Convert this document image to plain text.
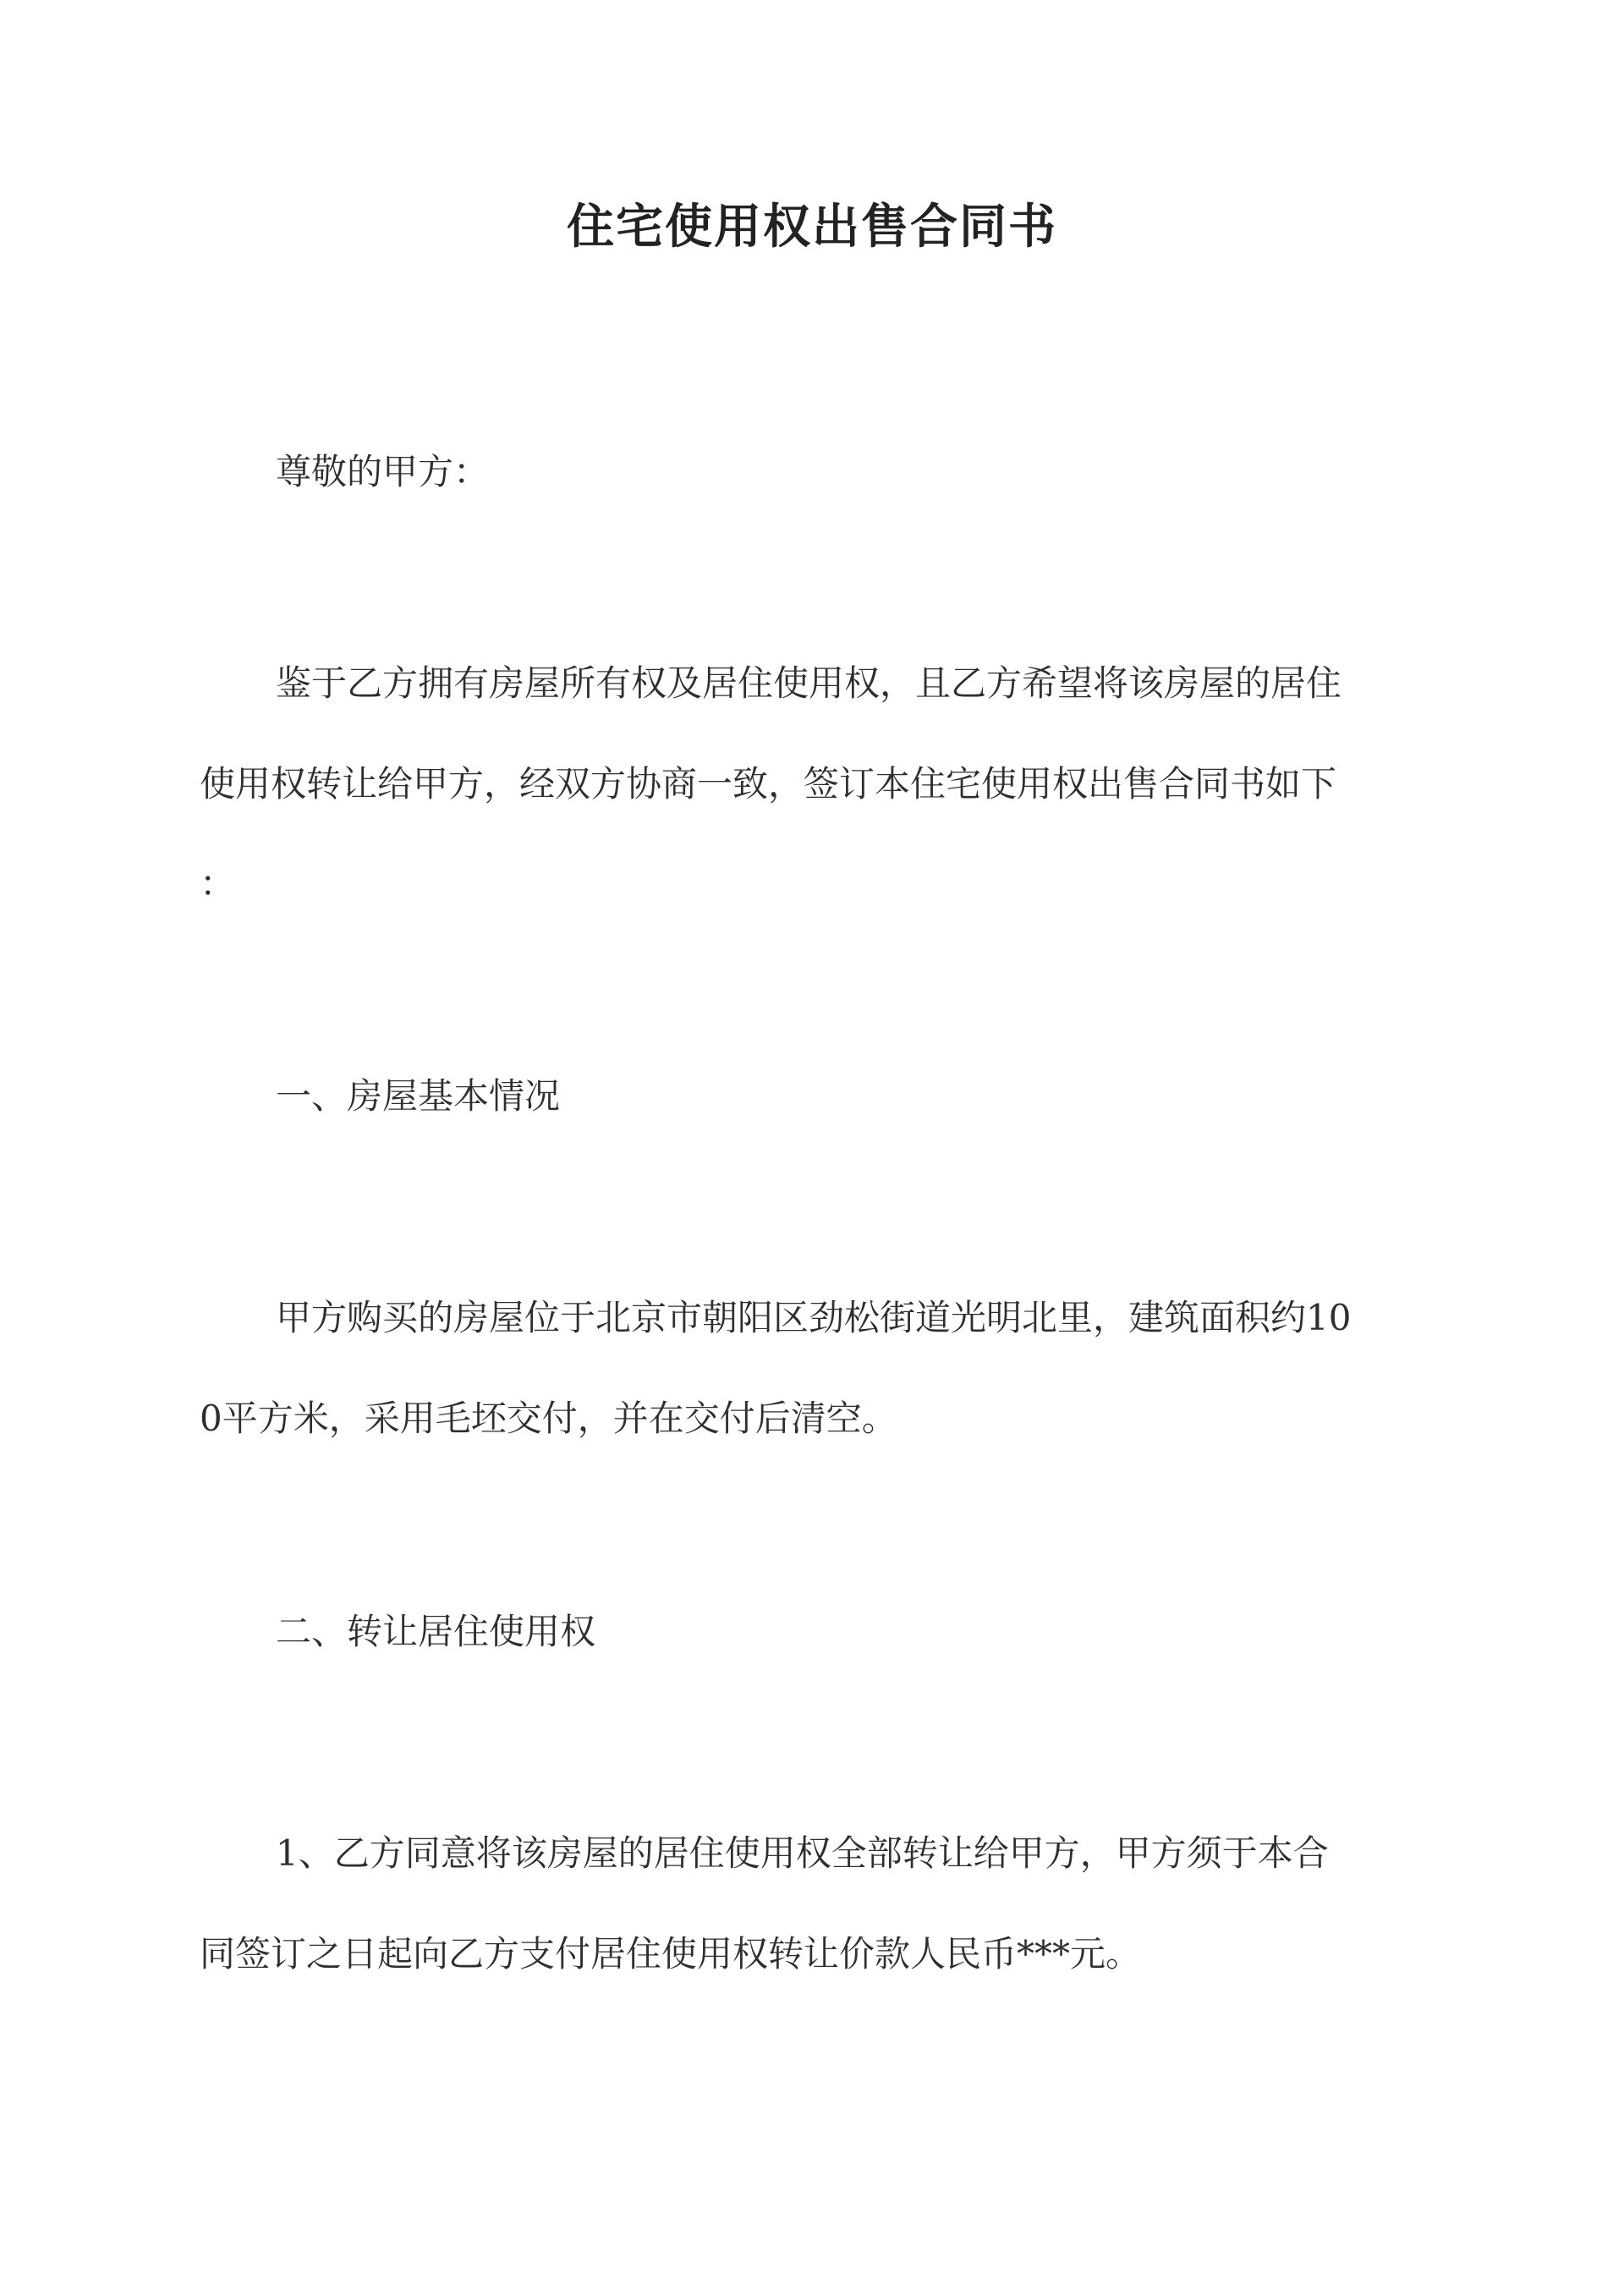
住宅使用权出售合同书
尊敬的甲方：
鉴于乙方拥有房屋所有权及居住使用权，且乙方希望将该房屋的居住
使用权转让给甲方，经双方协商一致，签订本住宅使用权出售合同书如下
：
一、房屋基本情况
甲方购买的房屋位于北京市朝阳区劲松街道光明北里，建筑面积约10
0平方米，采用毛坯交付，并在交付后清空。
二、转让居住使用权
1、乙方同意将该房屋的居住使用权全部转让给甲方，甲方须于本合
同签订之日起向乙方支付居住使用权转让价款人民币***元。
